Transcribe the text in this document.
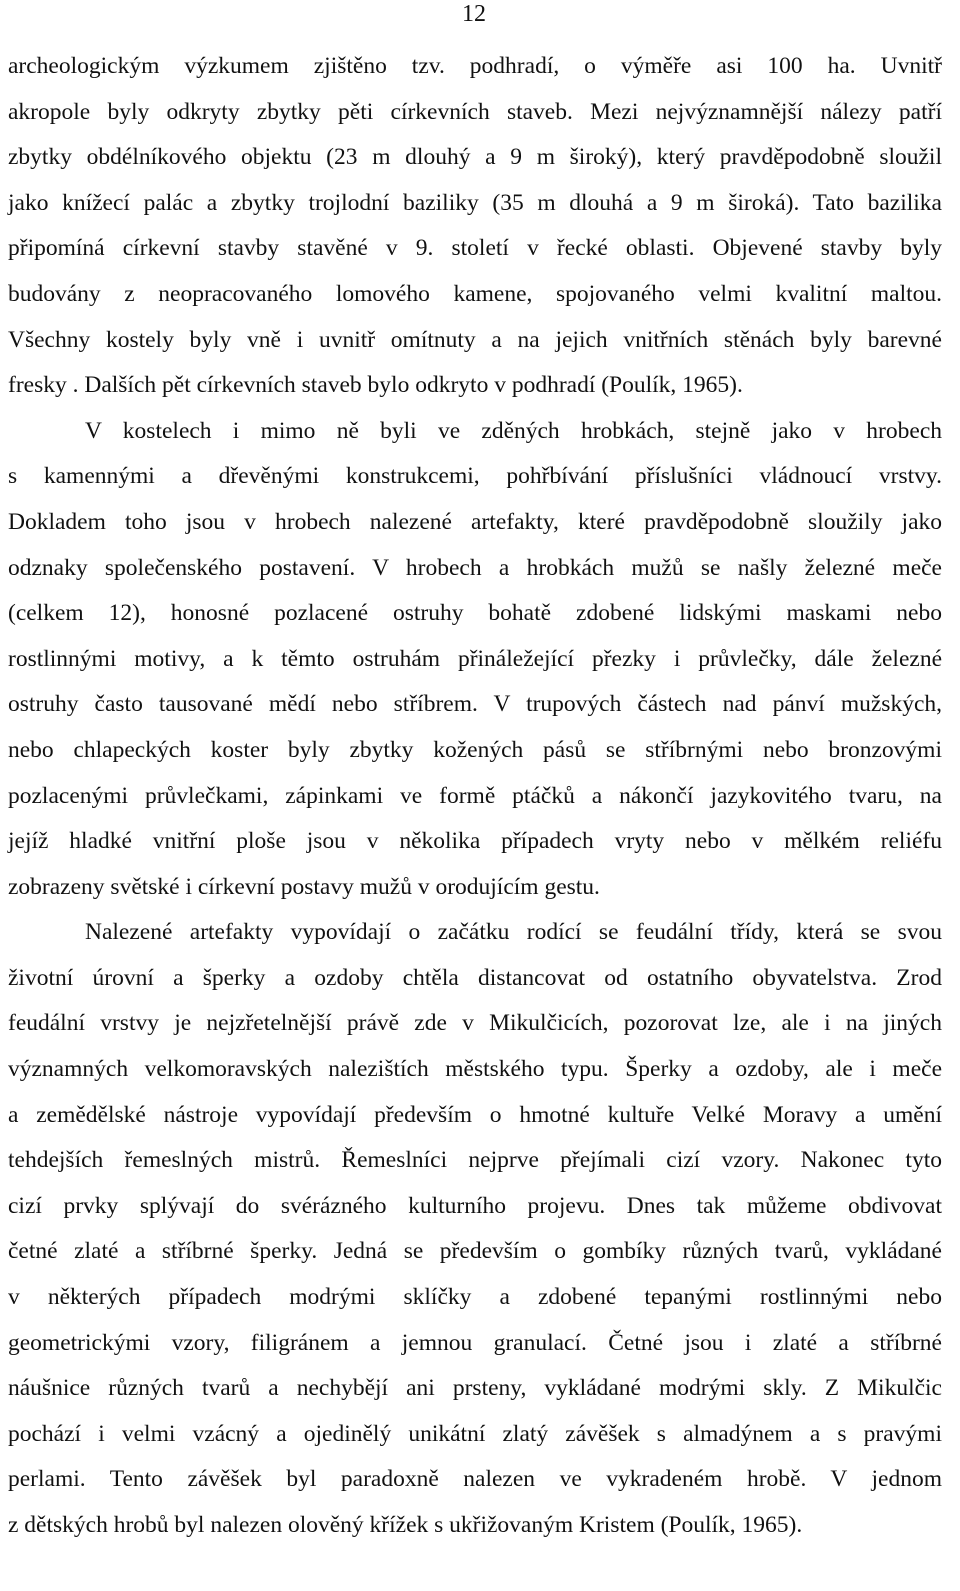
12
archeologickým výzkumem zjištěno tzv. podhradí, o výměře asi 100 ha. Uvnitř
akropole byly odkryty zbytky pěti církevních staveb. Mezi nejvýznamnější nálezy patří
zbytky obdélníkového objektu (23 m dlouhý a 9 m široký), který pravděpodobně sloužil
jako knížecí palác a zbytky trojlodní baziliky (35 m dlouhá a 9 m široká). Tato bazilika
připomíná církevní stavby stavěné v 9. století v řecké oblasti. Objevené stavby byly
budovány z neopracovaného lomového kamene, spojovaného velmi kvalitní maltou.
Všechny kostely byly vně i uvnitř omítnuty a na jejich vnitřních stěnách byly barevné
fresky . Dalších pět církevních staveb bylo odkryto v podhradí (Poulík, 1965).
V kostelech i mimo ně byli ve zděných hrobkách, stejně jako v hrobech
s kamennými a dřevěnými konstrukcemi, pohřbívání příslušníci vládnoucí vrstvy.
Dokladem toho jsou v hrobech nalezené artefakty, které pravděpodobně sloužily jako
odznaky společenského postavení. V hrobech a hrobkách mužů se našly železné meče
(celkem 12), honosné pozlacené ostruhy bohatě zdobené lidskými maskami nebo
rostlinnými motivy, a k těmto ostruhám přináležející přezky i průvlečky, dále železné
ostruhy často tausované mědí nebo stříbrem. V trupových částech nad pánví mužských,
nebo chlapeckých koster byly zbytky kožených pásů se stříbrnými nebo bronzovými
pozlacenými průvlečkami, zápinkami ve formě ptáčků a nákončí jazykovitého tvaru, na
jejíž hladké vnitřní ploše jsou v několika případech vryty nebo v mělkém reliéfu
zobrazeny světské i církevní postavy mužů v orodujícím gestu.
Nalezené artefakty vypovídají o začátku rodící se feudální třídy, která se svou
životní úrovní a šperky a ozdoby chtěla distancovat od ostatního obyvatelstva. Zrod
feudální vrstvy je nejzřetelnější právě zde v Mikulčicích, pozorovat lze, ale i na jiných
významných velkomoravských nalezištích městského typu. Šperky a ozdoby, ale i meče
a zemědělské nástroje vypovídají především o hmotné kultuře Velké Moravy a umění
tehdejších řemeslných mistrů. Řemeslníci nejprve přejímali cizí vzory. Nakonec tyto
cizí prvky splývají do svérázného kulturního projevu. Dnes tak můžeme obdivovat
četné zlaté a stříbrné šperky. Jedná se především o gombíky různých tvarů, vykládané
v některých případech modrými sklíčky a zdobené tepanými rostlinnými nebo
geometrickými vzory, filigránem a jemnou granulací. Četné jsou i zlaté a stříbrné
náušnice různých tvarů a nechybějí ani prsteny, vykládané modrými skly. Z Mikulčic
pochází i velmi vzácný a ojedinělý unikátní zlatý závěšek s almadýnem a s pravými
perlami. Tento závěšek byl paradoxně nalezen ve vykradeném hrobě. V jednom
z dětských hrobů byl nalezen olověný křížek s ukřižovaným Kristem (Poulík, 1965).
